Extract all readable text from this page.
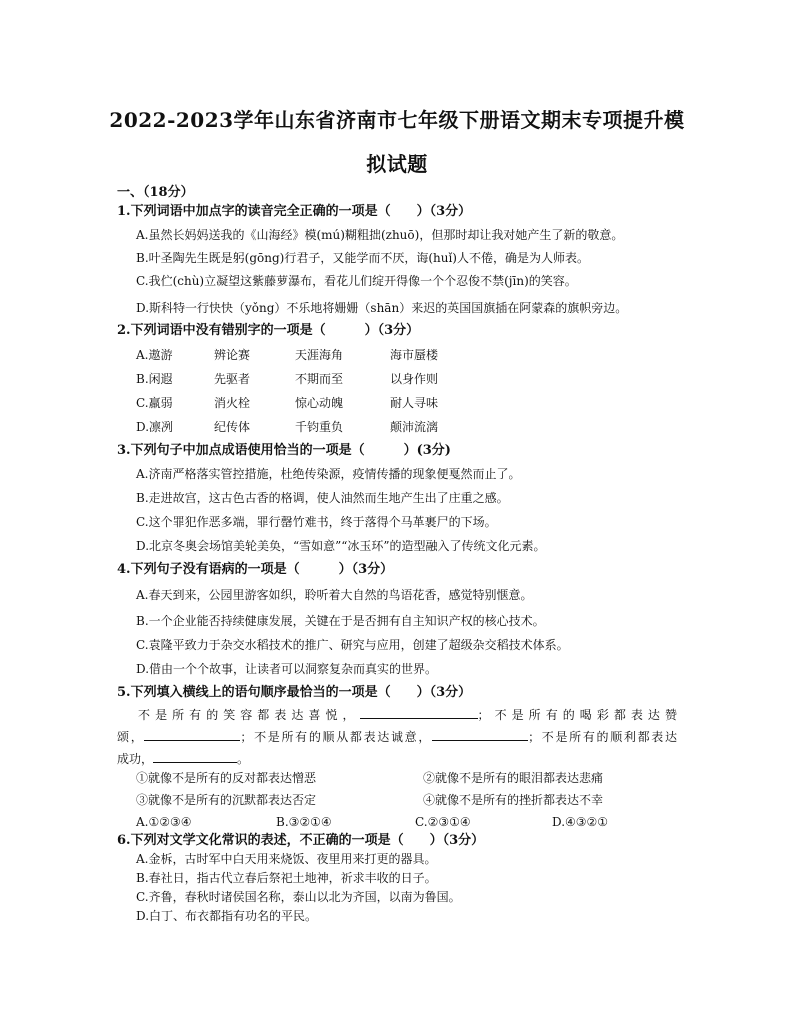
2022-2023学年山东省济南市七年级下册语文期末专项提升模
拟试题
一、（18分）
1.下列词语中加点字的读音完全正确的一项是（　　）（3分）
A.虽然长妈妈送我的《山海经》模(mú)糊粗拙(zhuō)，但那时却让我对她产生了新的敬意。
B.叶圣陶先生既是躬(gōng)行君子，又能学而不厌，诲(huǐ)人不倦，确是为人师表。
C.我伫(chù)立凝望这紫藤萝瀑布，看花儿们绽开得像一个个忍俊不禁(jīn)的笑容。
D.斯科特一行快快（yǒng）不乐地将姗姗（shān）来迟的英国国旗插在阿蒙森的旗帜旁边。
2.下列词语中没有错别字的一项是（　　　）（3分）
A.遨游	辨论赛	天涯海角	海市蜃楼
B.闲遐	先驱者	不期而至	以身作则
C.羸弱	消火栓	惊心动魄	耐人寻味
D.凛冽	纪传体	千钧重负	颠沛流漓
3.下列句子中加点成语使用恰当的一项是（　　　）(3分)
A.济南严格落实管控措施，杜绝传染源，疫情传播的现象便戛然而止了。
B.走进故宫，这古色古香的格调，使人油然而生地产生出了庄重之感。
C.这个罪犯作恶多端，罪行罄竹难书，终于落得个马革裹尸的下场。
D.北京冬奥会场馆美轮美奂，“雪如意”“冰玉环”的造型融入了传统文化元素。
4.下列句子没有语病的一项是（　　　）（3分）
A.春天到来，公园里游客如织，聆听着大自然的鸟语花香，感觉特别惬意。
B.一个企业能否持续健康发展，关键在于是否拥有自主知识产权的核心技术。
C.袁隆平致力于杂交水稻技术的推广、研究与应用，创建了超级杂交稻技术体系。
D.借由一个个故事，让读者可以洞察复杂而真实的世界。
5.下列填入横线上的语句顺序最恰当的一项是（　　）（3分）

不是所有的笑容都表达喜悦，	；不是所有的喝彩都表达赞

颂，	；不是所有的顺从都表达诚意，	；不是所有的顺利都表达

成功，	。

①就像不是所有的反对都表达憎恶	②就像不是所有的眼泪都表达悲痛
③就像不是所有的沉默都表达否定	④就像不是所有的挫折都表达不幸
A.①②③④	B.③②①④	C.②③①④	D.④③②①
6.下列对文学文化常识的表述，不正确的一项是（　　）（3分）
A.金柝，古时军中白天用来烧饭、夜里用来打更的器具。
B.春社日，指古代立春后祭祀土地神，祈求丰收的日子。
C.齐鲁，春秋时诸侯国名称，泰山以北为齐国，以南为鲁国。
D.白丁、布衣都指有功名的平民。
